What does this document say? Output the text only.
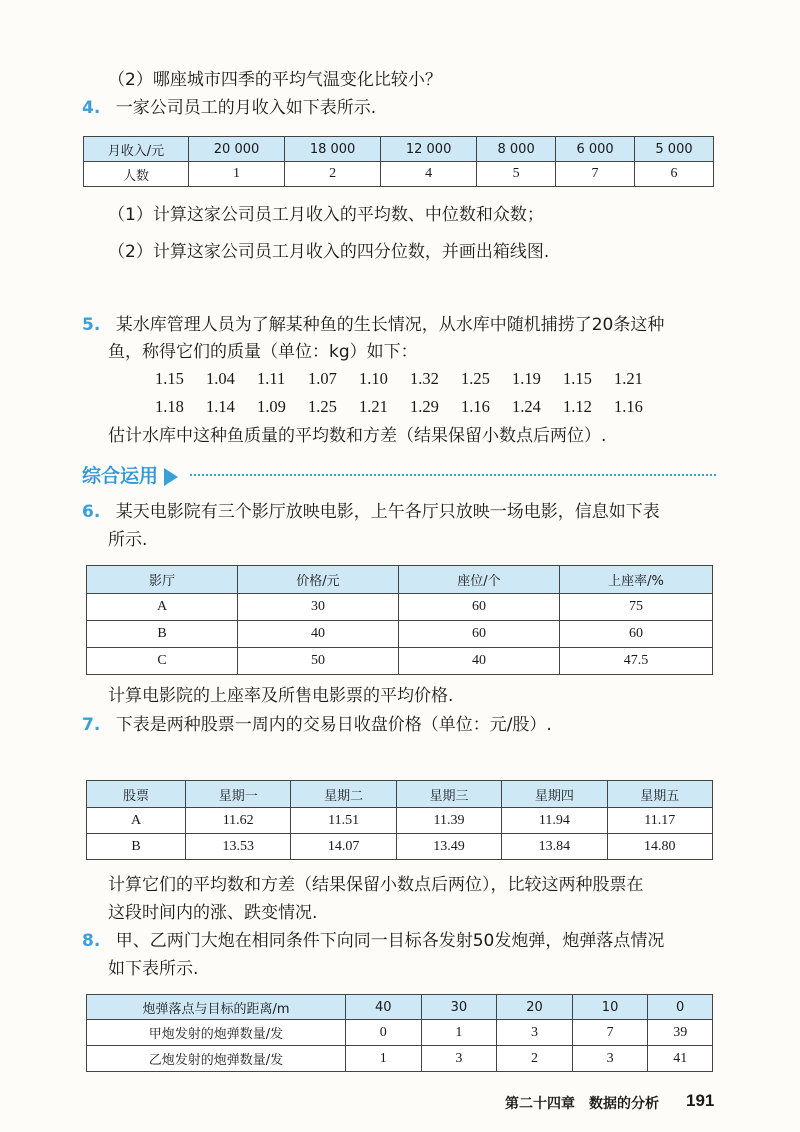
（2）哪座城市四季的平均气温变化比较小？
4. 一家公司员工的月收入如下表所示.
月收入/元	20 000	18 000	12 000	8 000	6 000	5 000
人数	1	2	4	5	7	6
（1）计算这家公司员工月收入的平均数、中位数和众数；
（2）计算这家公司员工月收入的四分位数，并画出箱线图.
5. 某水库管理人员为了解某种鱼的生长情况，从水库中随机捕捞了20条这种
鱼，称得它们的质量（单位：kg）如下：
1.15 1.04 1.11 1.07 1.10 1.32 1.25 1.19 1.15 1.21
1.18 1.14 1.09 1.25 1.21 1.29 1.16 1.24 1.12 1.16
估计水库中这种鱼质量的平均数和方差（结果保留小数点后两位）.
综合运用
6. 某天电影院有三个影厅放映电影，上午各厅只放映一场电影，信息如下表
所示.
影厅	价格/元	座位/个	上座率/%
A	30	60	75
B	40	60	60
C	50	40	47.5
计算电影院的上座率及所售电影票的平均价格.
7. 下表是两种股票一周内的交易日收盘价格（单位：元/股）.
股票	星期一	星期二	星期三	星期四	星期五
A	11.62	11.51	11.39	11.94	11.17
B	13.53	14.07	13.49	13.84	14.80
计算它们的平均数和方差（结果保留小数点后两位），比较这两种股票在
这段时间内的涨、跌变情况.
8. 甲、乙两门大炮在相同条件下向同一目标各发射50发炮弹，炮弹落点情况
如下表所示.
炮弹落点与目标的距离/m	40	30	20	10	0
甲炮发射的炮弹数量/发	0	1	3	7	39
乙炮发射的炮弹数量/发	1	3	2	3	41
第二十四章　数据的分析 191
